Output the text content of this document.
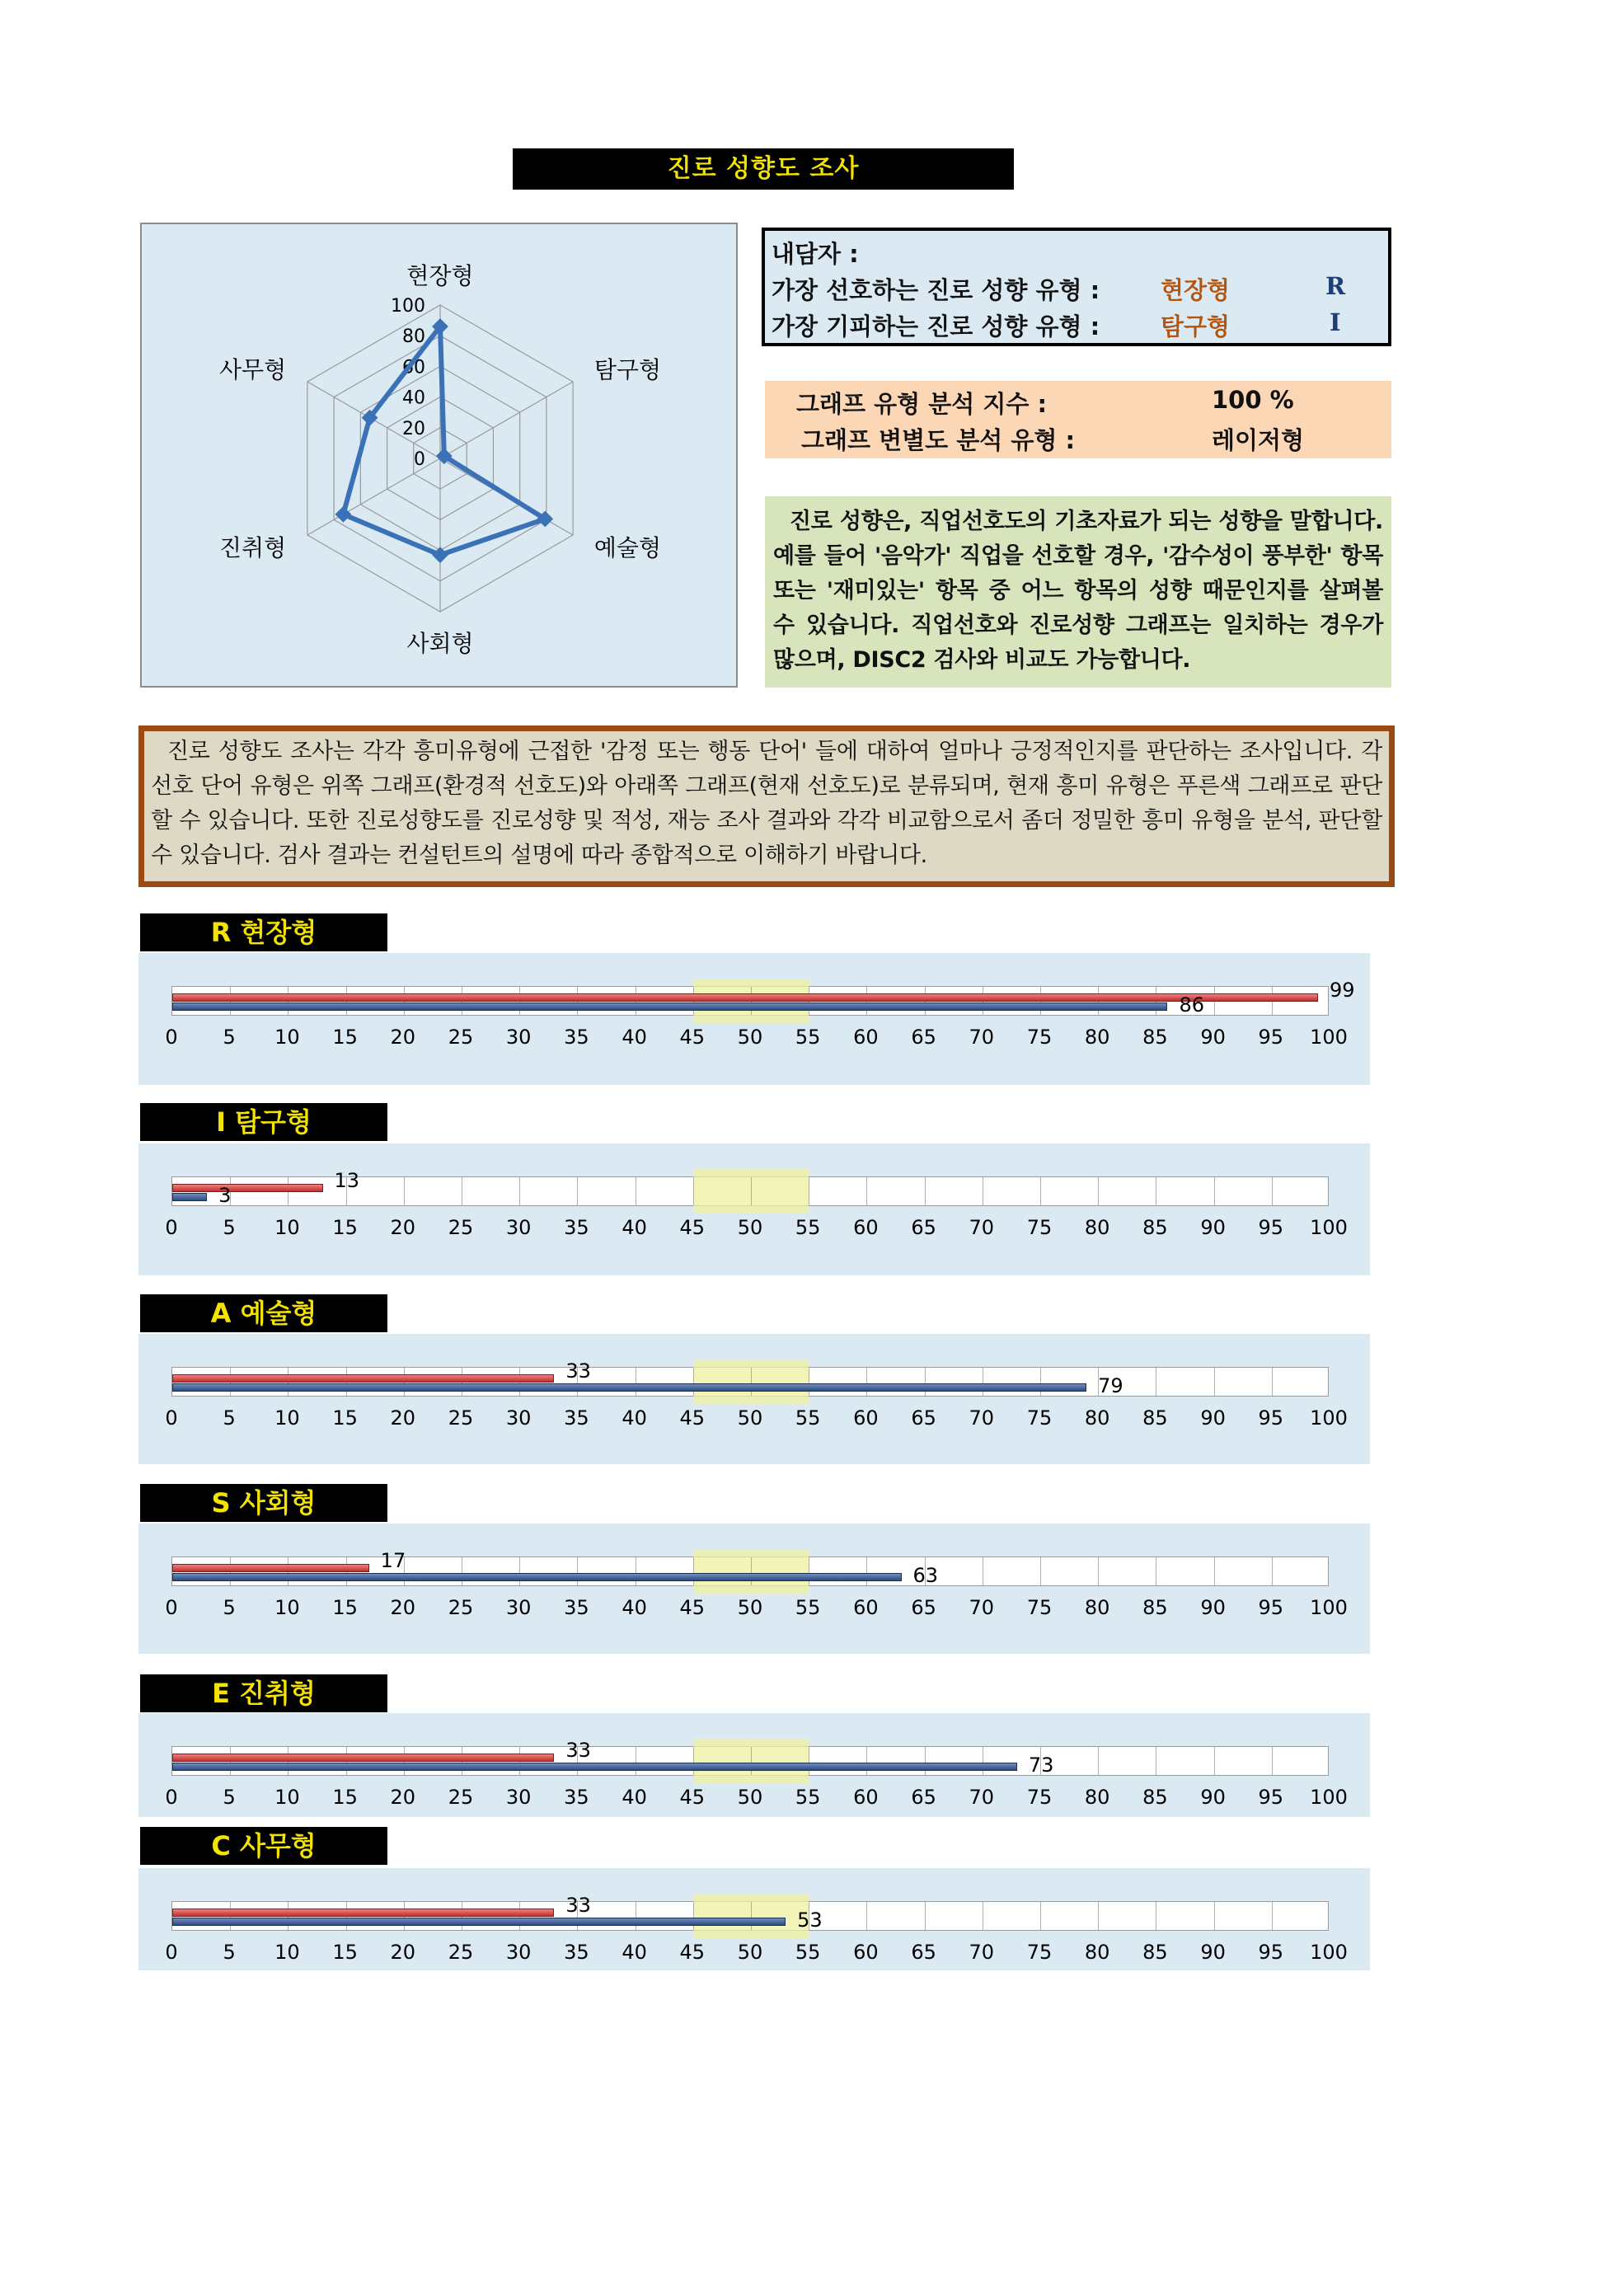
진로 성향도 조사
100
80
60
40
20
0
현장형
탐구형
예술형
사회형
진취형
사무형
내담자 :
가장 선호하는 진로 성향 유형 :	현장형	R
가장 기피하는 진로 성향 유형 :	탐구형	I
그래프 유형 분석 지수 :	100 %
그래프 변별도 분석 유형 :	레이저형
진로 성향은, 직업선호도의 기초자료가 되는 성향을 말합니다. 예를 들어 '음악가' 직업을 선호할 경우, '감수성이 풍부한' 항목 또는 '재미있는' 항목 중 어느 항목의 성향 때문인지를 살펴볼 수 있습니다. 직업선호와 진로성향 그래프는 일치하는 경우가 많으며, DISC2 검사와 비교도 가능합니다.
진로 성향도 조사는 각각 흥미유형에 근접한 '감정 또는 행동 단어' 들에 대하여 얼마나 긍정적인지를 판단하는 조사입니다. 각 선호 단어 유형은 위쪽 그래프(환경적 선호도)와 아래쪽 그래프(현재 선호도)로 분류되며, 현재 흥미 유형은 푸른색 그래프로 판단할 수 있습니다. 또한 진로성향도를 진로성향 및 적성, 재능 조사 결과와 각각 비교함으로서 좀더 정밀한 흥미 유형을 분석, 판단할 수 있습니다. 검사 결과는 컨설턴트의 설명에 따라 종합적으로 이해하기 바랍니다.
R 현장형
99
86
0 5 10 15 20 25 30 35 40 45 50 55 60 65 70 75 80 85 90 95 100
I 탐구형
13
3
0 5 10 15 20 25 30 35 40 45 50 55 60 65 70 75 80 85 90 95 100
A 예술형
33
79
0 5 10 15 20 25 30 35 40 45 50 55 60 65 70 75 80 85 90 95 100
S 사회형
17
63
0 5 10 15 20 25 30 35 40 45 50 55 60 65 70 75 80 85 90 95 100
E 진취형
33
73
0 5 10 15 20 25 30 35 40 45 50 55 60 65 70 75 80 85 90 95 100
C 사무형
33
53
0 5 10 15 20 25 30 35 40 45 50 55 60 65 70 75 80 85 90 95 100
